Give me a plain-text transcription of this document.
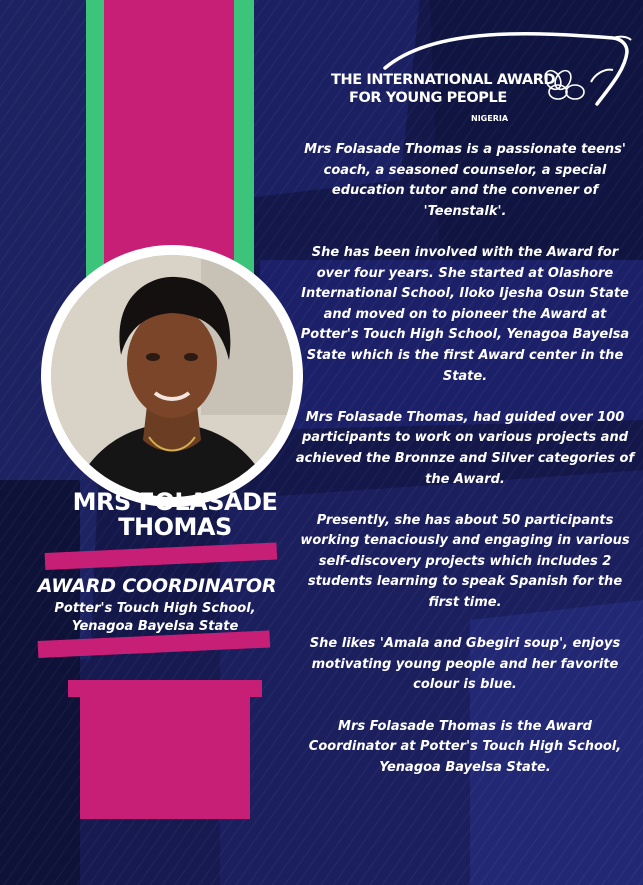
THE INTERNATIONAL AWARD
FOR YOUNG PEOPLE
NIGERIA
MRS FOLASADE
THOMAS
AWARD COORDINATOR
Potter's Touch High School,
Yenagoa Bayelsa State

Mrs Folasade Thomas is a passionate teens' coach, a seasoned counselor, a special education tutor and the convener of 'Teenstalk'.

She has been involved with the Award for over four years. She started at Olashore International School, Iloko Ijesha Osun State and moved on to pioneer the Award at Potter's Touch High School, Yenagoa Bayelsa State which is the first Award center in the State.

Mrs Folasade Thomas, had guided over 100 participants to work on various projects and achieved the Bronnze and Silver categories of the Award.

Presently, she has about 50 participants working tenaciously and engaging in various self-discovery projects which includes 2 students learning to speak Spanish for the first time.

She likes 'Amala and Gbegiri soup', enjoys motivating young people and her favorite colour is blue.

Mrs Folasade Thomas is the Award Coordinator at Potter's Touch High School, Yenagoa Bayelsa State.
